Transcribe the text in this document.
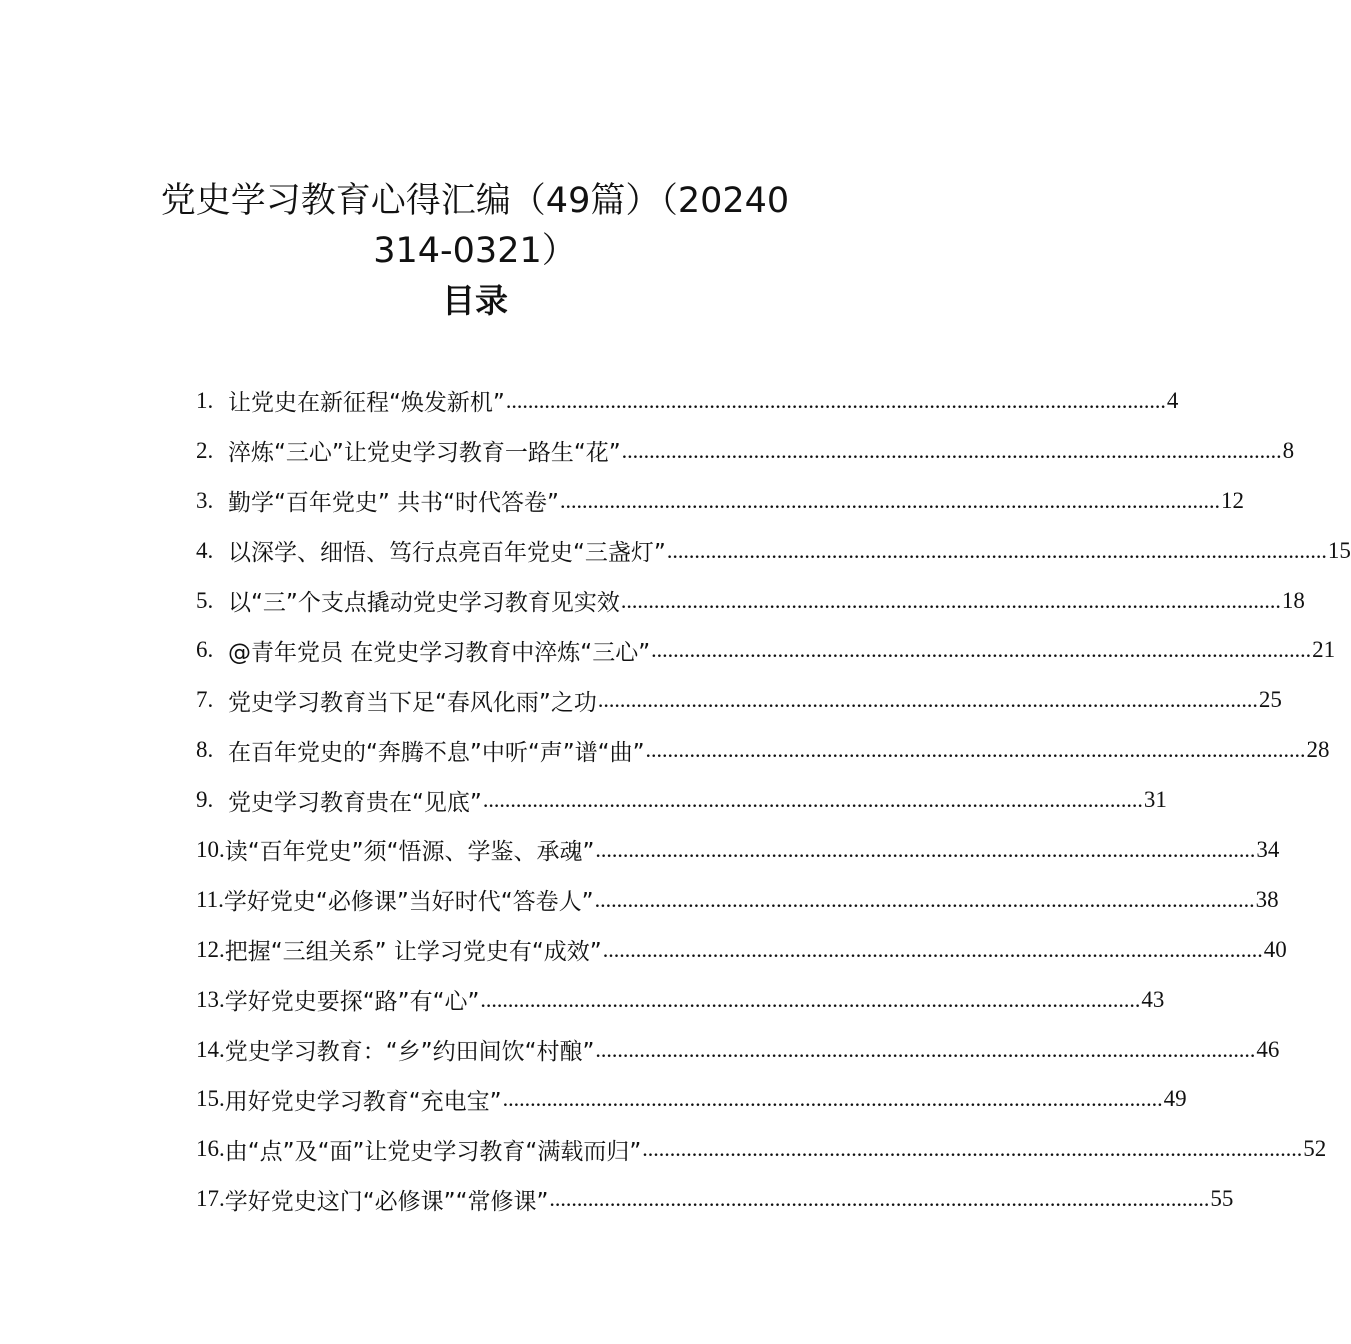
党史学习教育心得汇编（49篇）（20240
314-0321）
目录
1. 让党史在新征程“焕发新机” ........................................................................................................................ 4
2. 淬炼“三心”让党史学习教育一路生“花” ........................................................................................................................ 8
3. 勤学“百年党史” 共书“时代答卷” ........................................................................................................................ 12
4. 以深学、细悟、笃行点亮百年党史“三盏灯” ........................................................................................................................ 15
5. 以“三”个支点撬动党史学习教育见实效 ........................................................................................................................ 18
6. @青年党员 在党史学习教育中淬炼“三心” ........................................................................................................................ 21
7. 党史学习教育当下足“春风化雨”之功 ........................................................................................................................ 25
8. 在百年党史的“奔腾不息”中听“声”谱“曲” ........................................................................................................................ 28
9. 党史学习教育贵在“见底” ........................................................................................................................ 31
10. 读“百年党史”须“悟源、学鉴、承魂” ........................................................................................................................ 34
11. 学好党史“必修课”当好时代“答卷人” ........................................................................................................................ 38
12. 把握“三组关系” 让学习党史有“成效” ........................................................................................................................ 40
13. 学好党史要探“路”有“心” ........................................................................................................................ 43
14. 党史学习教育：“乡”约田间饮“村酿” ........................................................................................................................ 46
15. 用好党史学习教育“充电宝” ........................................................................................................................ 49
16. 由“点”及“面”让党史学习教育“满载而归” ........................................................................................................................ 52
17. 学好党史这门“必修课”“常修课” ........................................................................................................................ 55
